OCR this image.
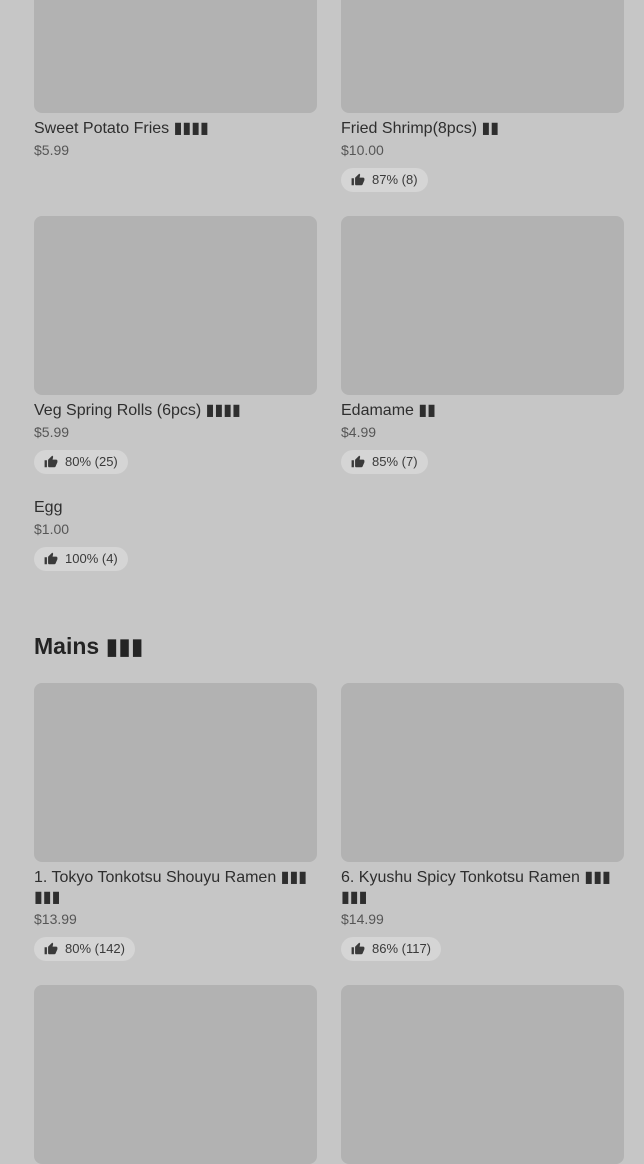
Sweet Potato Fries ▮▮▮▮
$5.99
Fried Shrimp(8pcs) ▮▮
$10.00
87% (8)
Veg Spring Rolls (6pcs) ▮▮▮▮
$5.99
80% (25)
Edamame ▮▮
$4.99
85% (7)
Egg
$1.00
100% (4)
Mains ▮▮▮
1. Tokyo Tonkotsu Shouyu Ramen ▮▮▮ ▮▮▮
$13.99
80% (142)
6. Kyushu Spicy Tonkotsu Ramen ▮▮▮ ▮▮▮
$14.99
86% (117)
